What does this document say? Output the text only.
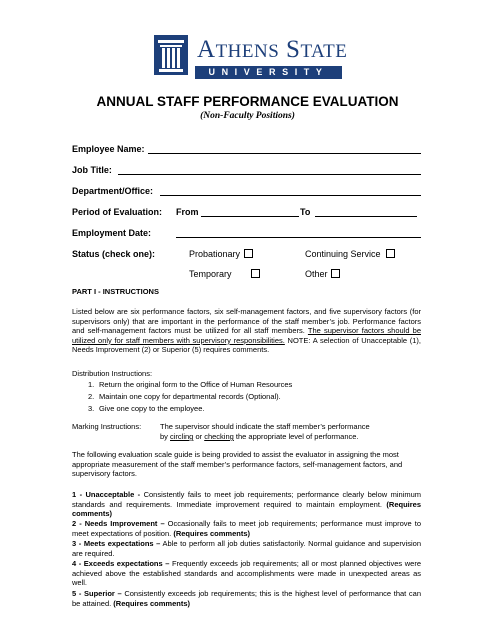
ATHENS STATE
UNIVERSITY
ANNUAL STAFF PERFORMANCE EVALUATION
(Non-Faculty Positions)
Employee Name:
Job Title:
Department/Office:
Period of Evaluation: From	To
Employment Date:
Status (check one):	Probationary	Continuing Service
Temporary	Other
PART I - INSTRUCTIONS
Listed below are six performance factors, six self-management factors, and five supervisory factors (for supervisors only) that are important in the performance of the staff member’s job. Performance factors and self-management factors must be utilized for all staff members. The supervisor factors should be utilized only for staff members with supervisory responsibilities. NOTE: A selection of Unacceptable (1), Needs Improvement (2) or Superior (5) requires comments.
Distribution Instructions:
1. Return the original form to the Office of Human Resources
2. Maintain one copy for departmental records (Optional).
3. Give one copy to the employee.
Marking Instructions:	The supervisor should indicate the staff member’s performance
by circling or checking the appropriate level of performance.
The following evaluation scale guide is being provided to assist the evaluator in assigning the most appropriate measurement of the staff member’s performance factors, self-management factors, and supervisory factors.
1 - Unacceptable - Consistently fails to meet job requirements; performance clearly below minimum standards and requirements. Immediate improvement required to maintain employment. (Requires comments)
2 - Needs Improvement – Occasionally fails to meet job requirements; performance must improve to meet expectations of position. (Requires comments)
3 - Meets expectations – Able to perform all job duties satisfactorily. Normal guidance and supervision are required.
4 - Exceeds expectations – Frequently exceeds job requirements; all or most planned objectives were achieved above the established standards and accomplishments were made in unexpected areas as well.
5 - Superior – Consistently exceeds job requirements; this is the highest level of performance that can be attained. (Requires comments)
